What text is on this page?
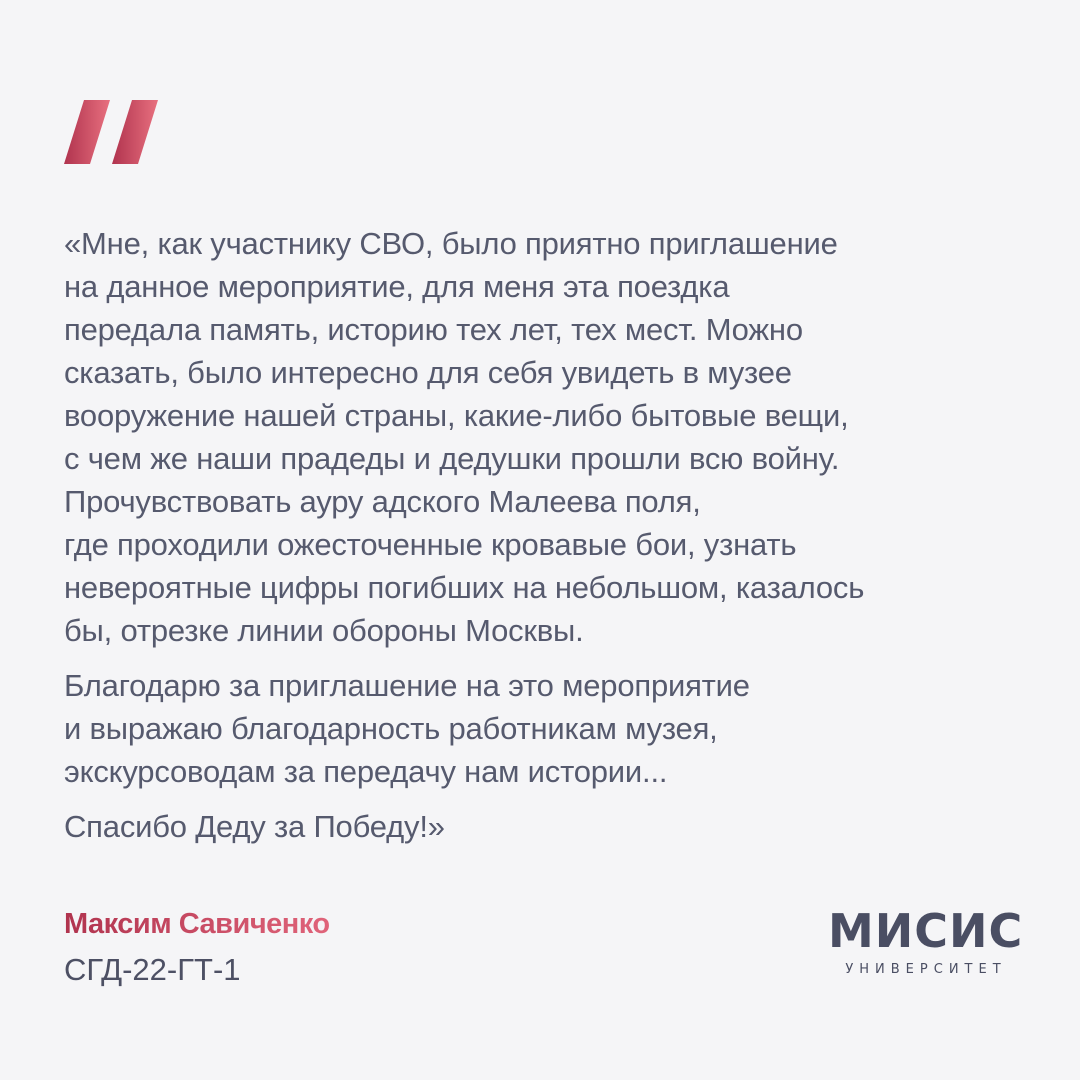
«Мне, как участнику СВО, было приятно приглашение
на данное мероприятие, для меня эта поездка
передала память, историю тех лет, тех мест. Можно
сказать, было интересно для себя увидеть в музее
вооружение нашей страны, какие-либо бытовые вещи,
с чем же наши прадеды и дедушки прошли всю войну.
Прочувствовать ауру адского Малеева поля,
где проходили ожесточенные кровавые бои, узнать
невероятные цифры погибших на небольшом, казалось
бы, отрезке линии обороны Москвы.
Благодарю за приглашение на это мероприятие
и выражаю благодарность работникам музея,
экскурсоводам за передачу нам истории...
Спасибо Деду за Победу!»
Максим Савиченко
СГД-22-ГТ-1
МИСИС
УНИВЕРСИТЕТ
